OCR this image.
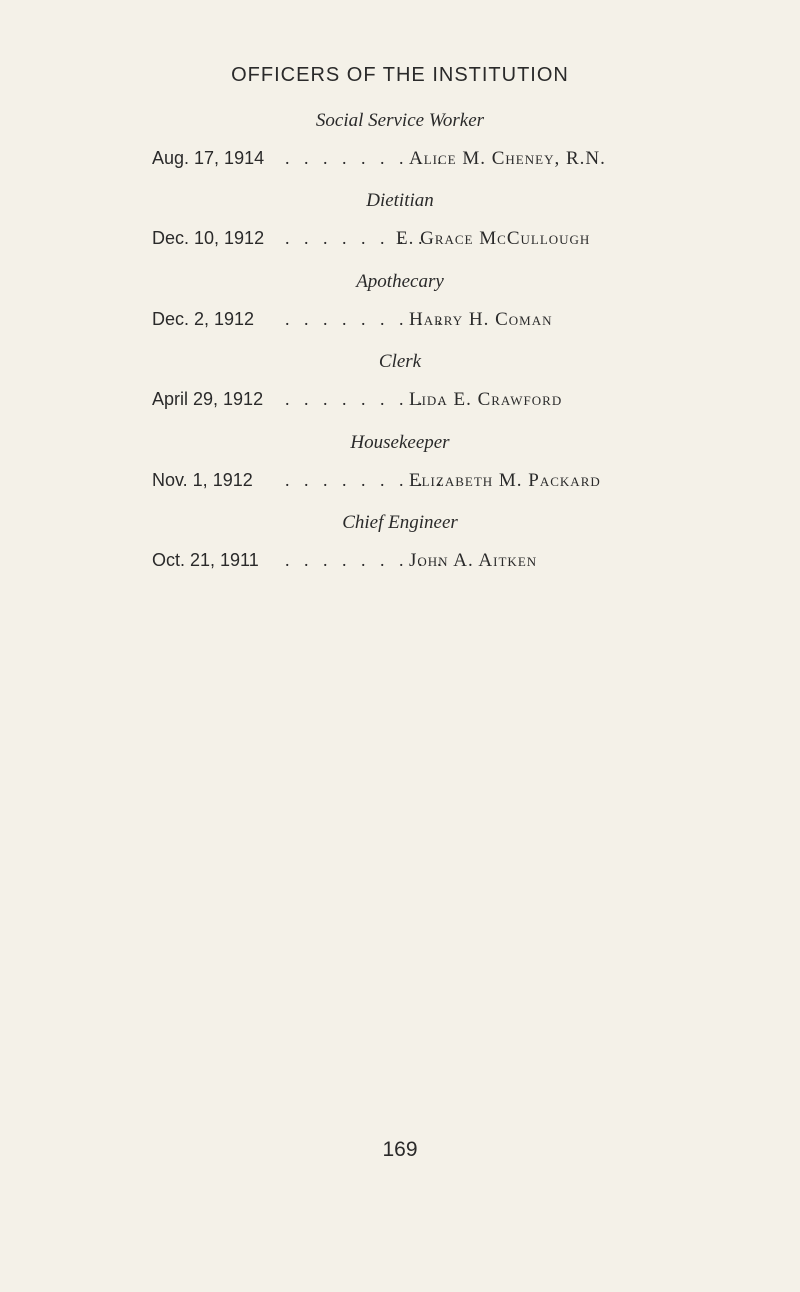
OFFICERS OF THE INSTITUTION
Social Service Worker
Aug. 17, 1914 . . . . . . . . .
Alice M. Cheney, R.N.
Dietitian
Dec. 10, 1912 . . . . . . . .
E. Grace McCullough
Apothecary
Dec. 2, 1912 . . . . . . . . .
Harry H. Coman
Clerk
April 29, 1912 . . . . . . . . .
Lida E. Crawford
Housekeeper
Nov. 1, 1912 . . . . . . . . .
Elizabeth M. Packard
Chief Engineer
Oct. 21, 1911 . . . . . . . . .
John A. Aitken
169
